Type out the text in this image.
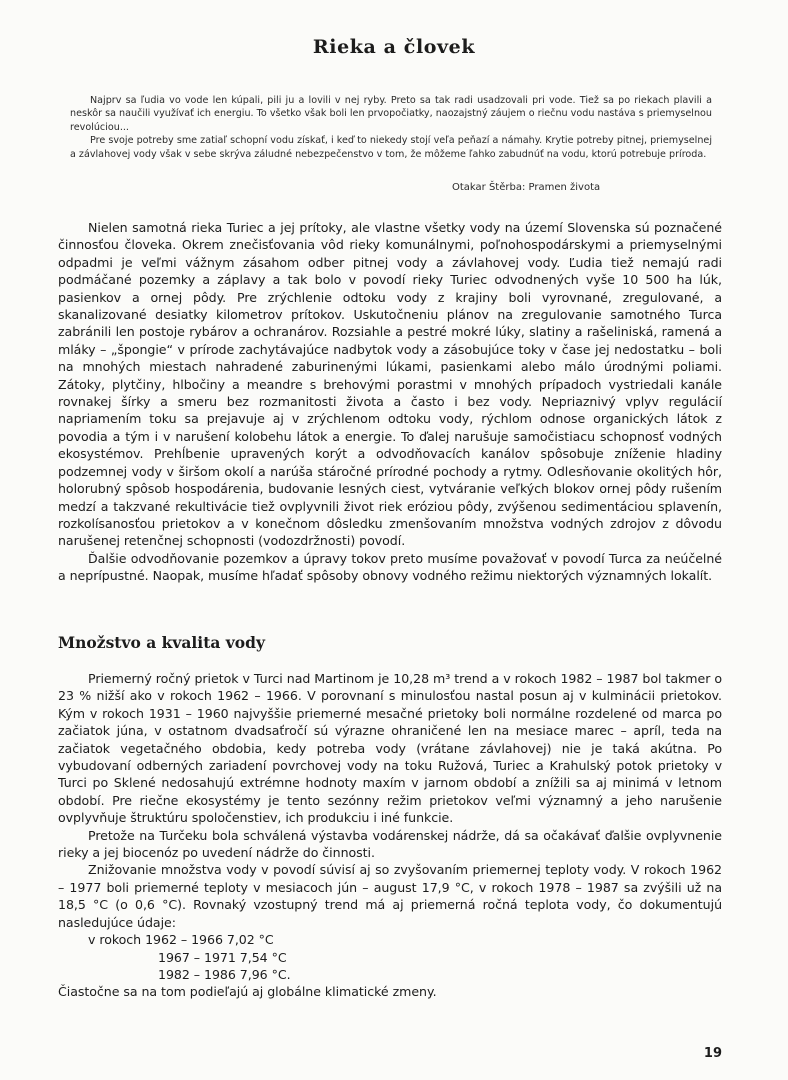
Rieka a človek

Najprv sa ľudia vo vode len kúpali, pili ju a lovili v nej ryby. Preto sa tak radi usadzovali pri vode. Tiež sa po riekach plavili a neskôr sa naučili využívať ich energiu. To všetko však boli len prvopočiatky, naozajstný záujem o riečnu vodu nastáva s priemyselnou revolúciou...

Pre svoje potreby sme zatiaľ schopní vodu získať, i keď to niekedy stojí veľa peňazí a námahy. Krytie potreby pitnej, priemyselnej a závlahovej vody však v sebe skrýva záludné nebezpečenstvo v tom, že môžeme ľahko zabudnúť na vodu, ktorú potrebuje príroda.

Otakar Štěrba: Pramen života

Nielen samotná rieka Turiec a jej prítoky, ale vlastne všetky vody na území Slovenska sú poznačené činnosťou človeka. Okrem znečisťovania vôd rieky komunálnymi, poľnohospodárskymi a priemyselnými odpadmi je veľmi vážnym zásahom odber pitnej vody a závlahovej vody. Ľudia tiež nemajú radi podmáčané pozemky a záplavy a tak bolo v povodí rieky Turiec odvodnených vyše 10 500 ha lúk, pasienkov a ornej pôdy. Pre zrýchlenie odtoku vody z krajiny boli vyrovnané, zregulované, a skanalizované desiatky kilometrov prítokov. Uskutočneniu plánov na zregulovanie samotného Turca zabránili len postoje rybárov a ochranárov. Rozsiahle a pestré mokré lúky, slatiny a rašeliniská, ramená a mláky – „špongie“ v prírode zachytávajúce nadbytok vody a zásobujúce toky v čase jej nedostatku – boli na mnohých miestach nahradené zaburinenými lúkami, pasienkami alebo málo úrodnými poliami. Zátoky, plytčiny, hlbočiny a meandre s brehovými porastmi v mnohých prípadoch vystriedali kanále rovnakej šírky a smeru bez rozmanitosti života a často i bez vody. Nepriaznivý vplyv regulácií napriamením toku sa prejavuje aj v zrýchlenom odtoku vody, rýchlom odnose organických látok z povodia a tým i v narušení kolobehu látok a energie. To ďalej narušuje samočistiacu schopnosť vodných ekosystémov. Prehĺbenie upravených korýt a odvodňovacích kanálov spôsobuje zníženie hladiny podzemnej vody v širšom okolí a narúša stáročné prírodné pochody a rytmy. Odlesňovanie okolitých hôr, holorubný spôsob hospodárenia, budovanie lesných ciest, vytváranie veľkých blokov ornej pôdy rušením medzí a takzvané rekultivácie tiež ovplyvnili život riek eróziou pôdy, zvýšenou sedimentáciou splavenín, rozkolísanosťou prietokov a v konečnom dôsledku zmenšovaním množstva vodných zdrojov z dôvodu narušenej retenčnej schopnosti (vodozdržnosti) povodí.

Ďalšie odvodňovanie pozemkov a úpravy tokov preto musíme považovať v povodí Turca za neúčelné a neprípustné. Naopak, musíme hľadať spôsoby obnovy vodného režimu niektorých významných lokalít.

Množstvo a kvalita vody

Priemerný ročný prietok v Turci nad Martinom je 10,28 m³ trend a v rokoch 1982 – 1987 bol takmer o 23 % nižší ako v rokoch 1962 – 1966. V porovnaní s minulosťou nastal posun aj v kulminácii prietokov. Kým v rokoch 1931 – 1960 najvyššie priemerné mesačné prietoky boli normálne rozdelené od marca po začiatok júna, v ostatnom dvadsaťročí sú výrazne ohraničené len na mesiace marec – apríl, teda na začiatok vegetačného obdobia, kedy potreba vody (vrátane závlahovej) nie je taká akútna. Po vybudovaní odberných zariadení povrchovej vody na toku Ružová, Turiec a Krahulský potok prietoky v Turci po Sklené nedosahujú extrémne hodnoty maxím v jarnom období a znížili sa aj minimá v letnom období. Pre riečne ekosystémy je tento sezónny režim prietokov veľmi významný a jeho narušenie ovplyvňuje štruktúru spoločenstiev, ich produkciu i iné funkcie.

Pretože na Turčeku bola schválená výstavba vodárenskej nádrže, dá sa očakávať ďalšie ovplyvnenie rieky a jej biocenóz po uvedení nádrže do činnosti.

Znižovanie množstva vody v povodí súvisí aj so zvyšovaním priemernej teploty vody. V rokoch 1962 – 1977 boli priemerné teploty v mesiacoch jún – august 17,9 °C, v rokoch 1978 – 1987 sa zvýšili už na 18,5 °C (o 0,6 °C). Rovnaký vzostupný trend má aj priemerná ročná teplota vody, čo dokumentujú nasledujúce údaje:

v rokoch 1962 – 1966 7,02 °C

1967 – 1971 7,54 °C

1982 – 1986 7,96 °C.

Čiastočne sa na tom podieľajú aj globálne klimatické zmeny.

19
